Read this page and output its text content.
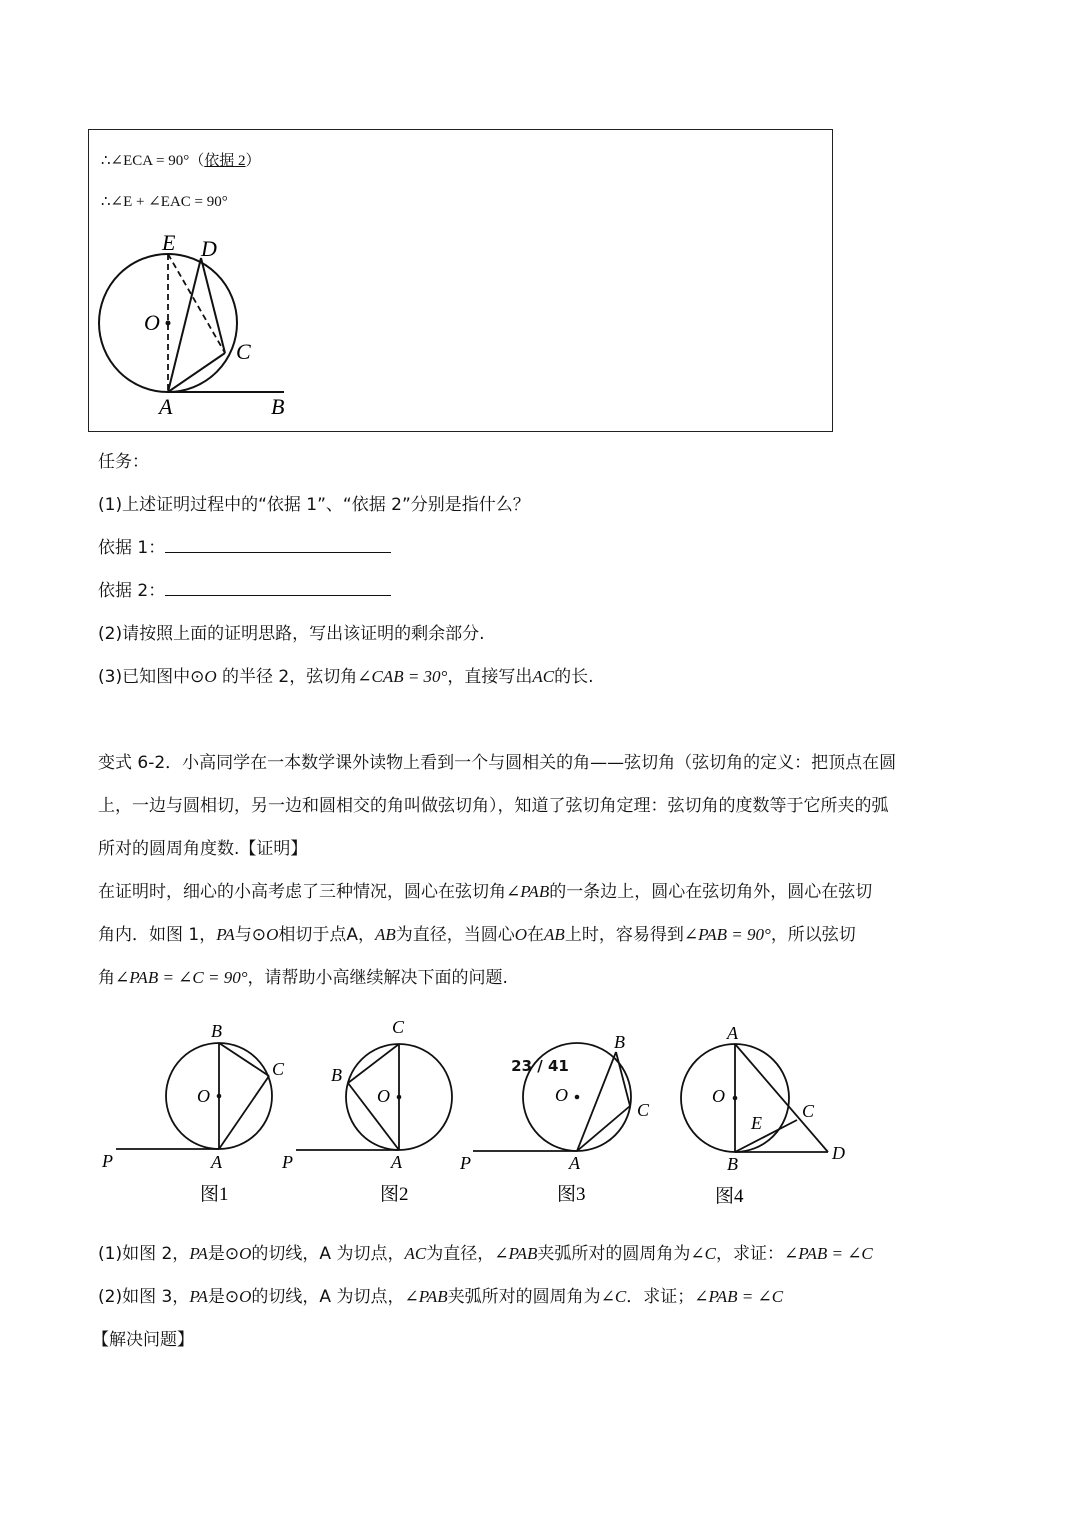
∴∠ECA = 90°（依据 2）
∴∠E + ∠EAC = 90°
E D
O
C
A	B
任务：
(1)上述证明过程中的“依据 1”、“依据 2”分别是指什么？
依据 1：
依据 2：
(2)请按照上面的证明思路，写出该证明的剩余部分.
(3)已知图中⊙O 的半径 2，弦切角∠CAB = 30°，直接写出AC的长.
变式 6-2．小高同学在一本数学课外读物上看到一个与圆相关的角——弦切角（弦切角的定义：把顶点在圆
上，一边与圆相切，另一边和圆相交的角叫做弦切角），知道了弦切角定理：弦切角的度数等于它所夹的弧
所对的圆周角度数.【证明】
在证明时，细心的小高考虑了三种情况，圆心在弦切角∠PAB的一条边上，圆心在弦切角外，圆心在弦切
角内．如图 1，PA与⊙O相切于点A，AB为直径，当圆心O在AB上时，容易得到∠PAB = 90°，所以弦切
角∠PAB = ∠C = 90°，请帮助小高继续解决下面的问题.
B
C
O
A
P
图1
C
B
O
A
P
图2
B
C
O
A
P
图3
A
O
E
C
B
D
图4
(1)如图 2，PA是⊙O的切线，A 为切点，AC为直径，∠PAB夹弧所对的圆周角为∠C，求证：∠PAB = ∠C
(2)如图 3，PA是⊙O的切线，A 为切点，∠PAB夹弧所对的圆周角为∠C．求证；∠PAB = ∠C
【解决问题】
23 / 41
